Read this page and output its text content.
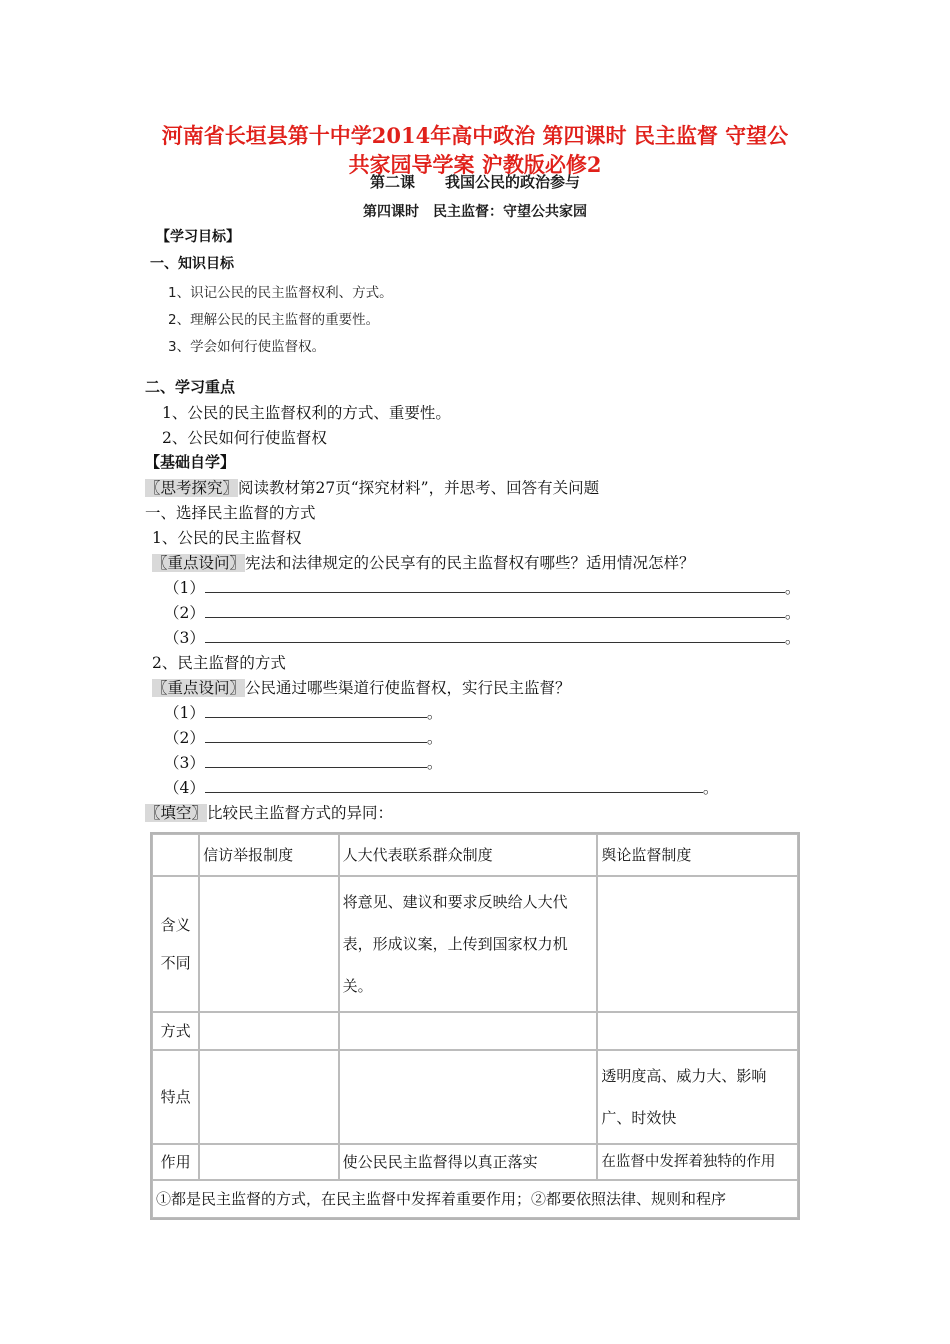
河南省长垣县第十中学2014年高中政治 第四课时 民主监督 守望公
共家园导学案 沪教版必修2
第二课　　我国公民的政治参与
第四课时　民主监督：守望公共家园
【学习目标】
一、知识目标
1、识记公民的民主监督权利、方式。
2、理解公民的民主监督的重要性。
3、学会如何行使监督权。
二、学习重点
1、公民的民主监督权利的方式、重要性。
2、公民如何行使监督权
【基础自学】
〖思考探究〗阅读教材第27页“探究材料”，并思考、回答有关问题
一、选择民主监督的方式
1、公民的民主监督权
〖重点设问〗宪法和法律规定的公民享有的民主监督权有哪些？适用情况怎样？
（1）	。
（2）	。
（3）	。
2、民主监督的方式
〖重点设问〗公民通过哪些渠道行使监督权，实行民主监督？
（1）	。
（2）	。
（3）	。
（4）	。
〖填空〗比较民主监督方式的异同：
	信访举报制度	人大代表联系群众制度	舆论监督制度
含义不同		将意见、建议和要求反映给人大代表，形成议案，上传到国家权力机关。	
方式			
特点			透明度高、威力大、影响广、时效快
作用		使公民民主监督得以真正落实	在监督中发挥着独特的作用
①都是民主监督的方式，在民主监督中发挥着重要作用；②都要依照法律、规则和程序			
